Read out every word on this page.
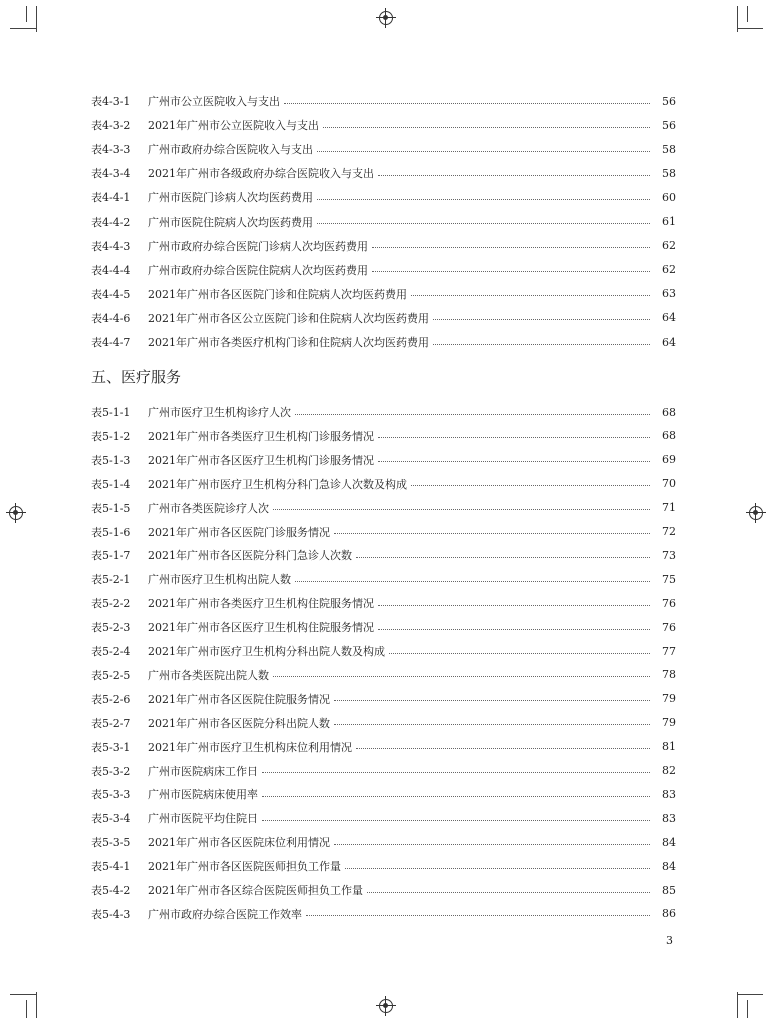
表4-3-1	广州市公立医院收入与支出	56
表4-3-2	2021年广州市公立医院收入与支出	56
表4-3-3	广州市政府办综合医院收入与支出	58
表4-3-4	2021年广州市各级政府办综合医院收入与支出	58
表4-4-1	广州市医院门诊病人次均医药费用	60
表4-4-2	广州市医院住院病人次均医药费用	61
表4-4-3	广州市政府办综合医院门诊病人次均医药费用	62
表4-4-4	广州市政府办综合医院住院病人次均医药费用	62
表4-4-5	2021年广州市各区医院门诊和住院病人次均医药费用	63
表4-4-6	2021年广州市各区公立医院门诊和住院病人次均医药费用	64
表4-4-7	2021年广州市各类医疗机构门诊和住院病人次均医药费用	64
五、医疗服务
表5-1-1	广州市医疗卫生机构诊疗人次	68
表5-1-2	2021年广州市各类医疗卫生机构门诊服务情况	68
表5-1-3	2021年广州市各区医疗卫生机构门诊服务情况	69
表5-1-4	2021年广州市医疗卫生机构分科门急诊人次数及构成	70
表5-1-5	广州市各类医院诊疗人次	71
表5-1-6	2021年广州市各区医院门诊服务情况	72
表5-1-7	2021年广州市各区医院分科门急诊人次数	73
表5-2-1	广州市医疗卫生机构出院人数	75
表5-2-2	2021年广州市各类医疗卫生机构住院服务情况	76
表5-2-3	2021年广州市各区医疗卫生机构住院服务情况	76
表5-2-4	2021年广州市医疗卫生机构分科出院人数及构成	77
表5-2-5	广州市各类医院出院人数	78
表5-2-6	2021年广州市各区医院住院服务情况	79
表5-2-7	2021年广州市各区医院分科出院人数	79
表5-3-1	2021年广州市医疗卫生机构床位利用情况	81
表5-3-2	广州市医院病床工作日	82
表5-3-3	广州市医院病床使用率	83
表5-3-4	广州市医院平均住院日	83
表5-3-5	2021年广州市各区医院床位利用情况	84
表5-4-1	2021年广州市各区医院医师担负工作量	84
表5-4-2	2021年广州市各区综合医院医师担负工作量	85
表5-4-3	广州市政府办综合医院工作效率	86
3
